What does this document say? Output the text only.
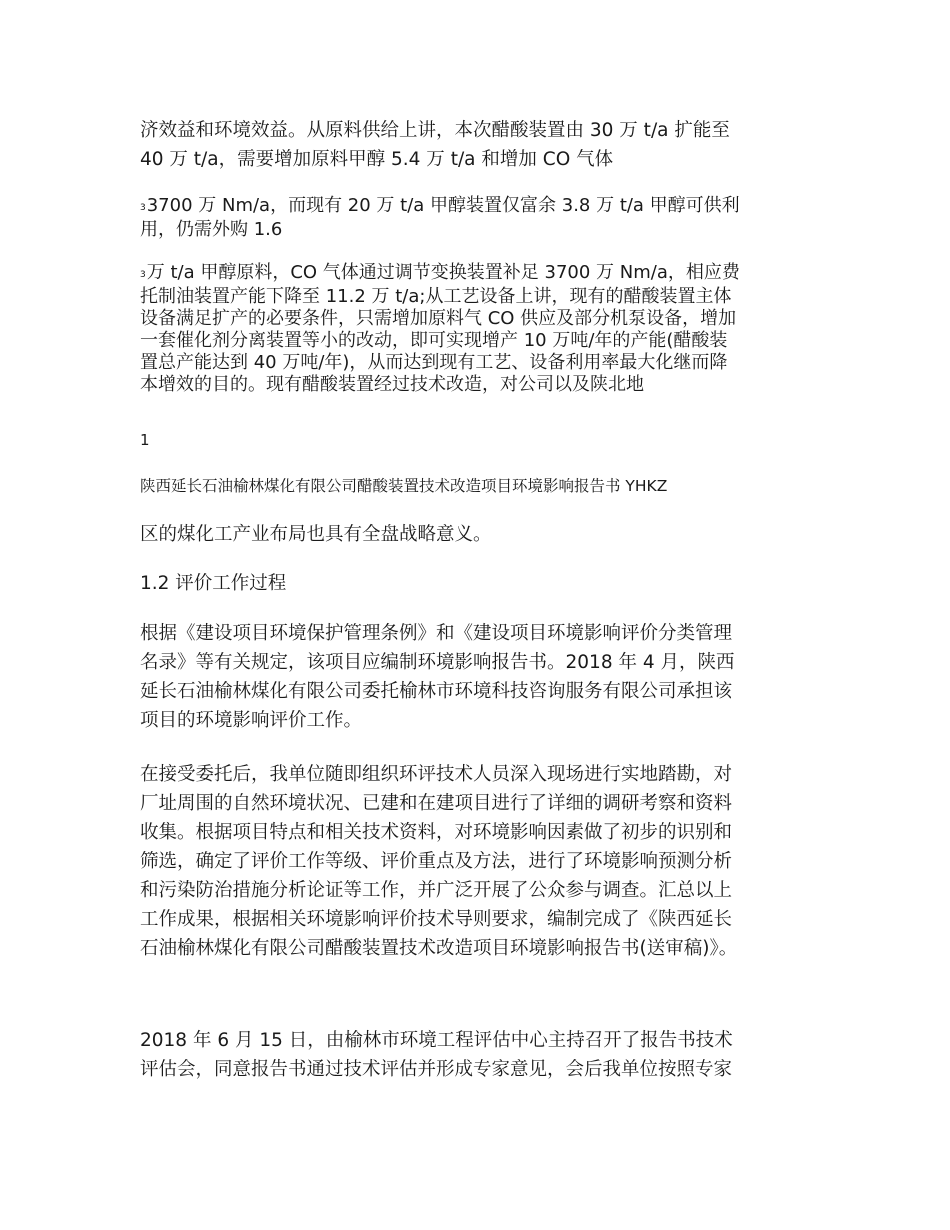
济效益和环境效益。从原料供给上讲，本次醋酸装置由 30 万 t/a 扩能至
40 万 t/a，需要增加原料甲醇 5.4 万 t/a 和增加 CO 气体

33700 万 Nm/a，而现有 20 万 t/a 甲醇装置仅富余 3.8 万 t/a 甲醇可供利
用，仍需外购 1.6

3万 t/a 甲醇原料，CO 气体通过调节变换装置补足 3700 万 Nm/a，相应费
托制油装置产能下降至 11.2 万 t/a;从工艺设备上讲，现有的醋酸装置主体
设备满足扩产的必要条件，只需增加原料气 CO 供应及部分机泵设备，增加
一套催化剂分离装置等小的改动，即可实现增产 10 万吨/年的产能(醋酸装
置总产能达到 40 万吨/年)，从而达到现有工艺、设备利用率最大化继而降
本增效的目的。现有醋酸装置经过技术改造，对公司以及陕北地

1
陕西延长石油榆林煤化有限公司醋酸装置技术改造项目环境影响报告书 YHKZ

区的煤化工产业布局也具有全盘战略意义。

1.2 评价工作过程

根据《建设项目环境保护管理条例》和《建设项目环境影响评价分类管理
名录》等有关规定，该项目应编制环境影响报告书。2018 年 4 月，陕西
延长石油榆林煤化有限公司委托榆林市环境科技咨询服务有限公司承担该
项目的环境影响评价工作。

在接受委托后，我单位随即组织环评技术人员深入现场进行实地踏勘，对
厂址周围的自然环境状况、已建和在建项目进行了详细的调研考察和资料
收集。根据项目特点和相关技术资料，对环境影响因素做了初步的识别和
筛选，确定了评价工作等级、评价重点及方法，进行了环境影响预测分析
和污染防治措施分析论证等工作，并广泛开展了公众参与调查。汇总以上
工作成果，根据相关环境影响评价技术导则要求，编制完成了《陕西延长
石油榆林煤化有限公司醋酸装置技术改造项目环境影响报告书(送审稿)》。

2018 年 6 月 15 日，由榆林市环境工程评估中心主持召开了报告书技术
评估会，同意报告书通过技术评估并形成专家意见，会后我单位按照专家
